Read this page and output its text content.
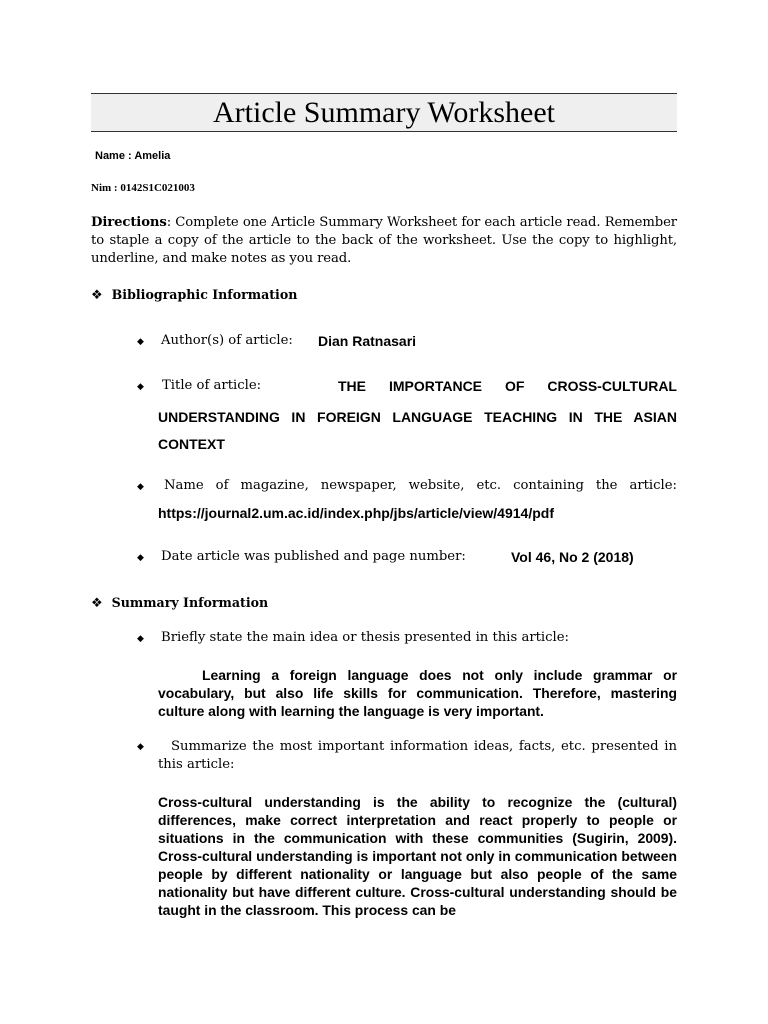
Article Summary Worksheet
Name : Amelia
Nim : 0142S1C021003
Directions: Complete one Article Summary Worksheet for each article read. Remember to staple a copy of the article to the back of the worksheet. Use the copy to highlight, underline, and make notes as you read.
❖ Bibliographic Information
◆ Author(s) of article: Dian Ratnasari
◆ Title of article:	THE IMPORTANCE OF CROSS-CULTURAL
UNDERSTANDING IN FOREIGN LANGUAGE TEACHING IN THE ASIAN CONTEXT
◆ Name of magazine, newspaper, website, etc. containing the article:
https://journal2.um.ac.id/index.php/jbs/article/view/4914/pdf
◆ Date article was published and page number:	Vol 46, No 2 (2018)
❖ Summary Information
◆ Briefly state the main idea or thesis presented in this article:
Learning a foreign language does not only include grammar or vocabulary, but also life skills for communication. Therefore, mastering culture along with learning the language is very important.
◆	Summarize the most important information ideas, facts, etc. presented in this article:
Cross-cultural understanding is the ability to recognize the (cultural) differences, make correct interpretation and react properly to people or situations in the communication with these communities (Sugirin, 2009). Cross-cultural understanding is important not only in communication between people by different nationality or language but also people of the same nationality but have different culture. Cross-cultural understanding should be taught in the classroom. This process can be
